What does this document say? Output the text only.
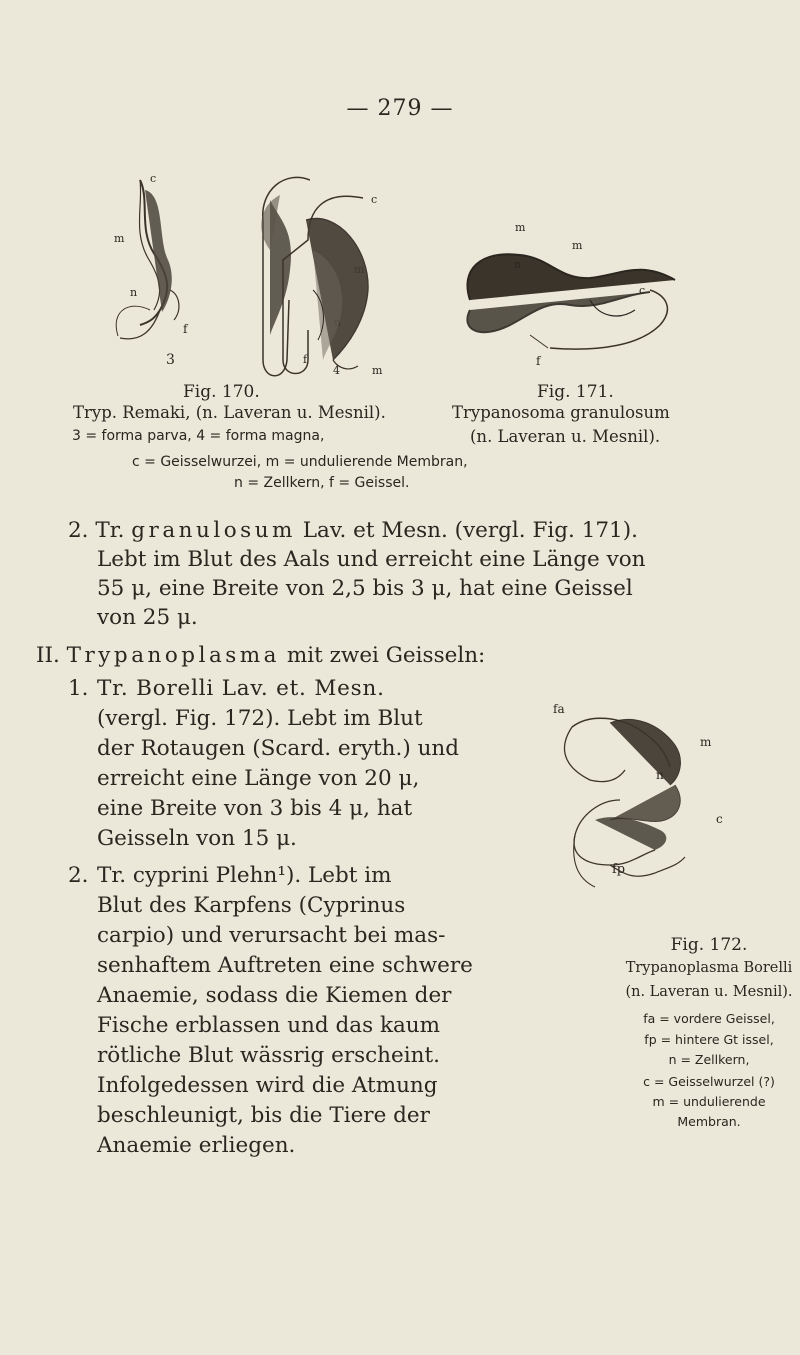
— 279 —
c
m
n
f
3
c
f
4	m
m
m
n
c
f
Fig. 170.	Fig. 171.
Tryp. Remaki, (n. Laveran u. Mesnil).	Trypanosoma granulosum
3 = forma parva, 4 = forma magna,	(n. Laveran u. Mesnil).
c = Geisselwurzei, m = undulierende Membran,
n = Zellkern, f = Geissel.
2. Tr. granulosum Lav. et Mesn. (vergl. Fig. 171).
Lebt im Blut des Aals und erreicht eine Länge von
55 μ, eine Breite von 2,5 bis 3 μ, hat eine Geissel
von 25 μ.
II. Trypanoplasma mit zwei Geisseln:
1. Tr. Borelli Lav. et. Mesn.
(vergl. Fig. 172). Lebt im Blut
der Rotaugen (Scard. eryth.) und
erreicht eine Länge von 20 μ,
eine Breite von 3 bis 4 μ, hat
Geisseln von 15 μ.
2. Tr. cyprini Plehn¹). Lebt im
Blut des Karpfens (Cyprinus
carpio) und verursacht bei mas-
senhaftem Auftreten eine schwere
Anaemie, sodass die Kiemen der
Fische erblassen und das kaum
rötliche Blut wässrig erscheint.
Infolgedessen wird die Atmung
beschleunigt, bis die Tiere der
Anaemie erliegen.
fa
m
n
c
fp
Fig. 172.
Trypanoplasma Borelli
(n. Laveran u. Mesnil).
fa = vordere Geissel,
fp = hintere Gt issel,
n = Zellkern,
c = Geisselwurzel (?)
m = undulierende
Membran.
